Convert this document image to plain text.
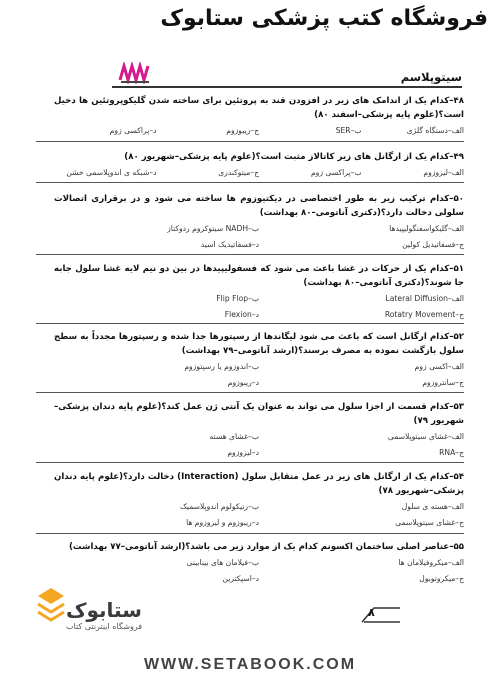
فروشگاه کتب پزشکی ستابوک
سیتوپلاسم
۴۸–کدام یک از اندامک های زیر در افزودن قند به پروتئین برای ساخته شدن گلیکوپروتئین ها دخیل است؟(علوم پایه پزشکی–اسفند ۸۰)
الف–دستگاه گلژی
ب–SER
ج–ریبوزوم
د–پراکسی زوم
۴۹–کدام یک از ارگانل های زیر کاتالاز مثبت است؟(علوم پایه پزشکی–شهریور ۸۰)
الف–لیزوزوم
ب–پراکسی زوم
ج–میتوکندری
د–شبکه ی اندوپلاسمی خشن
۵۰–کدام ترکیب زیر به طور اختصاصی در دیکتیوزوم ها ساخته می شود و در برقراری اتصالات سلولی دخالت دارد؟(دکتری آناتومی–۸۰ بهداشت)
الف–گلیکواسفنگولیپیدها
ب–NADH سیتوکروم ردوکتاز
ج–فسفاتیدیل کولین
د–فسفاتیدیک اسید
۵۱–کدام یک از حرکات در غشا باعث می شود که فسفولیپیدها در بین دو نیم لایه غشا سلول جابه جا شوند؟(دکتری آناتومی–۸۰ بهداشت)
الف–Lateral Diffusion
ب–Flip Flop
ج–Rotatry Movement
د–Flexion
۵۲–کدام ارگانل است که باعث می شود لیگاندها از رسپتورها جدا شده و رسپتورها مجدداً به سطح سلول بازگشت نموده به مصرف برسند؟(ارشد آناتومی–۷۹ بهداشت)
الف–اکسی زوم
ب–اندوزوم یا رسپتوزوم
ج–سانتروزوم
د–ریبوزوم
۵۳–کدام قسمت از اجزا سلول می تواند به عنوان یک آنتی ژن عمل کند؟(علوم پایه دندان پزشکی–شهریور ۷۹)
الف–غشای سیتوپلاسمی
ب–غشای هسته
ج–RNA
د–لیزوزوم
۵۴–کدام یک از ارگانل های زیر در عمل متقابل سلول (Interaction) دخالت دارد؟(علوم پایه دندان پزشکی–شهریور ۷۸)
الف–هسته ی سلول
ب–رتیکولوم اندوپلاسمیک
ج–غشای سیتوپلاسمی
د–ریبوزوم و لیزوزوم ها
۵۵–عناصر اصلی ساختمان اکسونم کدام یک از موارد زیر می باشد؟(ارشد آناتومی–۷۷ بهداشت)
الف–میکروفیلامان ها
ب–فیلامان های بینابینی
ج–میکروتوبول
د–اسپکترین
۸
ستابوک
فروشگاه اینترنتی کتاب
WWW.SETABOOK.COM
